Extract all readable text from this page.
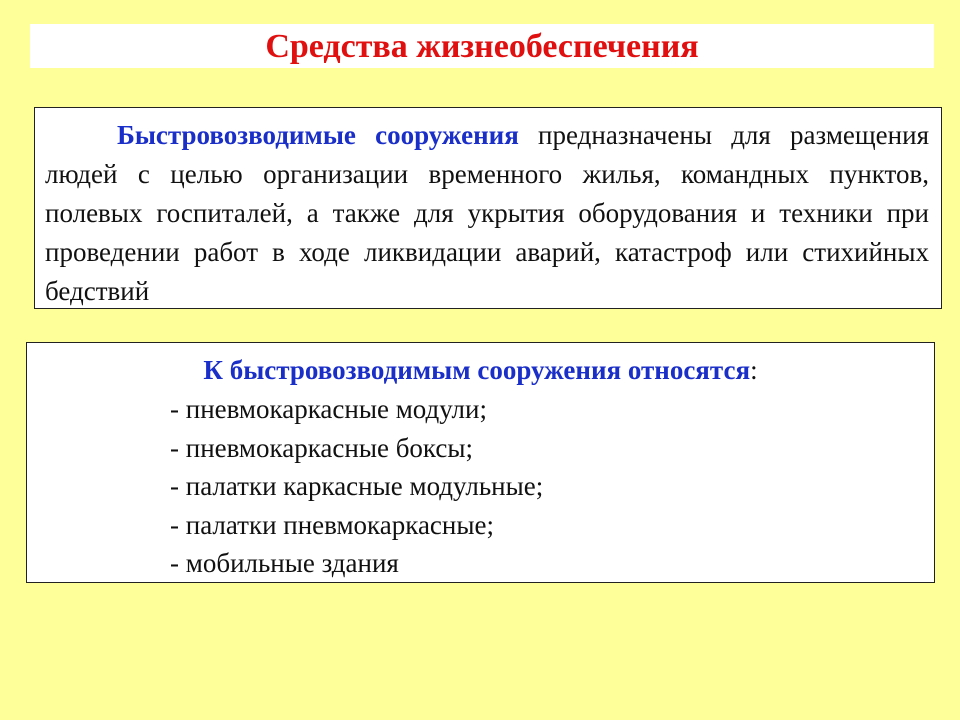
Средства жизнеобеспечения

Быстровозводимые сооружения предназначены для размещения людей с целью организации временного жилья, командных пунктов, полевых госпиталей, а также для укрытия оборудования и техники при проведении работ в ходе ликвидации аварий, катастроф или стихийных бедствий

К быстровозводимым сооружения относятся:
- пневмокаркасные модули;
- пневмокаркасные боксы;
- палатки каркасные модульные;
- палатки пневмокаркасные;
- мобильные здания
